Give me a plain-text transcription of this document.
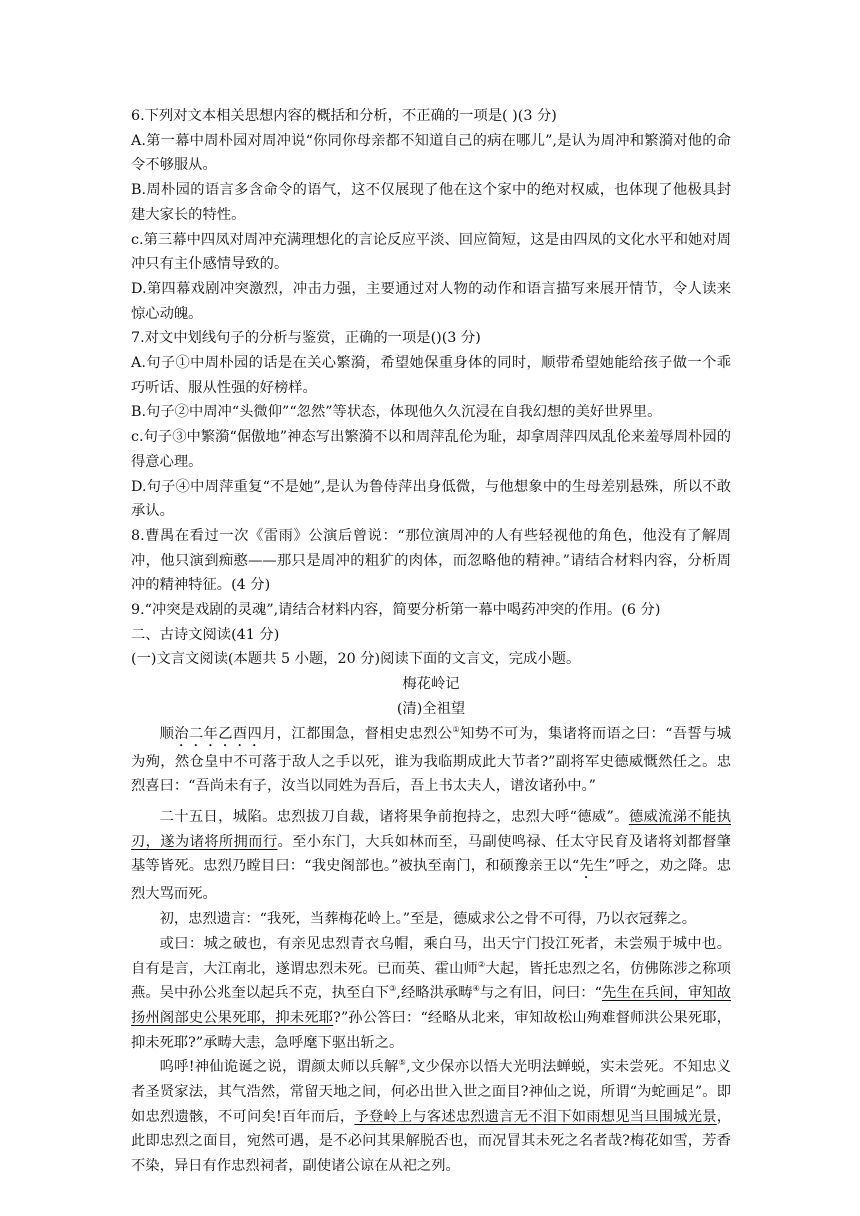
6.下列对文本相关思想内容的概括和分析，不正确的一项是( )(3 分)

A.第一幕中周朴园对周冲说“你同你母亲都不知道自己的病在哪儿”,是认为周冲和繁漪对他的命令不够服从。

B.周朴园的语言多含命令的语气，这不仅展现了他在这个家中的绝对权威，也体现了他极具封建大家长的特性。

c.第三幕中四凤对周冲充满理想化的言论反应平淡、回应简短，这是由四凤的文化水平和她对周冲只有主仆感情导致的。

D.第四幕戏剧冲突激烈，冲击力强，主要通过对人物的动作和语言描写来展开情节，令人读来惊心动魄。

7.对文中划线句子的分析与鉴赏，正确的一项是()(3 分)

A.句子①中周朴园的话是在关心繁漪，希望她保重身体的同时，顺带希望她能给孩子做一个乖巧听话、服从性强的好榜样。

B.句子②中周冲“头微仰”“忽然”等状态，体现他久久沉浸在自我幻想的美好世界里。

c.句子③中繁漪“倨傲地”神态写出繁漪不以和周萍乱伦为耻，却拿周萍四凤乱伦来羞辱周朴园的得意心理。

D.句子④中周萍重复“不是她”,是认为鲁侍萍出身低微，与他想象中的生母差别悬殊，所以不敢承认。

8.曹禺在看过一次《雷雨》公演后曾说：“那位演周冲的人有些轻视他的角色，他没有了解周冲，他只演到痴憨——那只是周冲的粗犷的肉体，而忽略他的精神。”请结合材料内容，分析周冲的精神特征。(4 分)

9.“冲突是戏剧的灵魂”,请结合材料内容，简要分析第一幕中喝药冲突的作用。(6 分)

二、古诗文阅读(41 分)

(一)文言文阅读(本题共 5 小题，20 分)阅读下面的文言文，完成小题。

梅花岭记

(清)全祖望

顺治二年乙酉四月，江都围急，督相史忠烈公①知势不可为，集诸将而语之曰：“吾誓与城为殉，然仓皇中不可落于敌人之手以死，谁为我临期成此大节者?”副将军史德威慨然任之。忠烈喜曰：“吾尚未有子，汝当以同姓为吾后，吾上书太夫人，谱汝诸孙中。”

二十五日，城陷。忠烈拔刀自裁，诸将果争前抱持之，忠烈大呼“德威”。德威流涕不能执刃，遂为诸将所拥而行。至小东门，大兵如林而至，马副使鸣禄、任太守民育及诸将刘都督肇基等皆死。忠烈乃瞠目曰：“我史阁部也。”被执至南门，和硕豫亲王以“先生”呼之，劝之降。忠烈大骂而死。

初，忠烈遗言：“我死，当葬梅花岭上。”至是，德威求公之骨不可得，乃以衣冠葬之。

或曰：城之破也，有亲见忠烈青衣乌帽，乘白马，出天宁门投江死者，未尝殒于城中也。自有是言，大江南北，遂谓忠烈未死。已而英、霍山师②大起，皆托忠烈之名，仿佛陈涉之称项燕。吴中孙公兆奎以起兵不克，执至白下③,经略洪承畴④与之有旧，问曰：“先生在兵间，审知故扬州阁部史公果死耶，抑未死耶?”孙公答曰：“经略从北来，审知故松山殉难督师洪公果死耶，抑未死耶?”承畴大恚，急呼麾下驱出斩之。

呜呼!神仙诡诞之说，谓颜太师以兵解⑤,文少保亦以悟大光明法蝉蜕，实未尝死。不知忠义者圣贤家法，其气浩然，常留天地之间，何必出世入世之面目?神仙之说，所谓“为蛇画足”。即如忠烈遗骸，不可问矣!百年而后，予登岭上与客述忠烈遗言无不泪下如雨想见当旦围城光景，此即忠烈之面目，宛然可遇，是不必问其果解脱否也，而况冒其未死之名者哉?梅花如雪，芳香不染，异日有作忠烈祠者，副使诸公谅在从祀之列。
